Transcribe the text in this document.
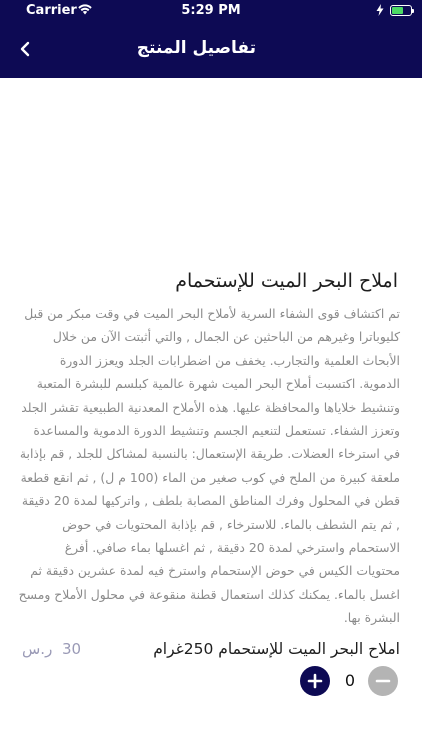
Carrier	5:29 PM
تفاصيل المنتج
املاح البحر الميت للإستحمام
تم اكتشاف قوى الشفاء السرية لأملاح البحر الميت في وقت مبكر من قبل كليوباترا وغيرهم من الباحثين عن الجمال , والتي أثبتت الآن من خلال الأبحاث العلمية والتجارب. يخفف من اضطرابات الجلد ويعزز الدورة الدموية. اكتسبت أملاح البحر الميت شهرة عالمية كبلسم للبشرة المتعبة وتنشيط خلاياها والمحافظة عليها. هذه الأملاح المعدنية الطبيعية تقشر الجلد وتعزز الشفاء. تستعمل لتنعيم الجسم وتنشيط الدورة الدموية والمساعدة في استرخاء العضلات. طريقة الإستعمال: بالنسبة لمشاكل للجلد , قم بإذابة ملعقة كبيرة من الملح في كوب صغير من الماء (100 م ل) , ثم انقع قطعة قطن في المحلول وفرك المناطق المصابة بلطف , واتركيها لمدة 20 دقيقة , ثم يتم الشطف بالماء. للاسترخاء , قم بإذابة المحتويات في حوض الاستحمام واسترخي لمدة 20 دقيقة , ثم اغسلها بماء صافي. أفرغ محتويات الكيس في حوض الإستحمام واسترخ فيه لمدة عشرين دقيقة ثم اغسل بالماء. يمكنك كذلك استعمال قطنة منقوعة في محلول الأملاح ومسح البشرة بها.
املاح البحر الميت للإستحمام 250غرام
30
ر.س
0
